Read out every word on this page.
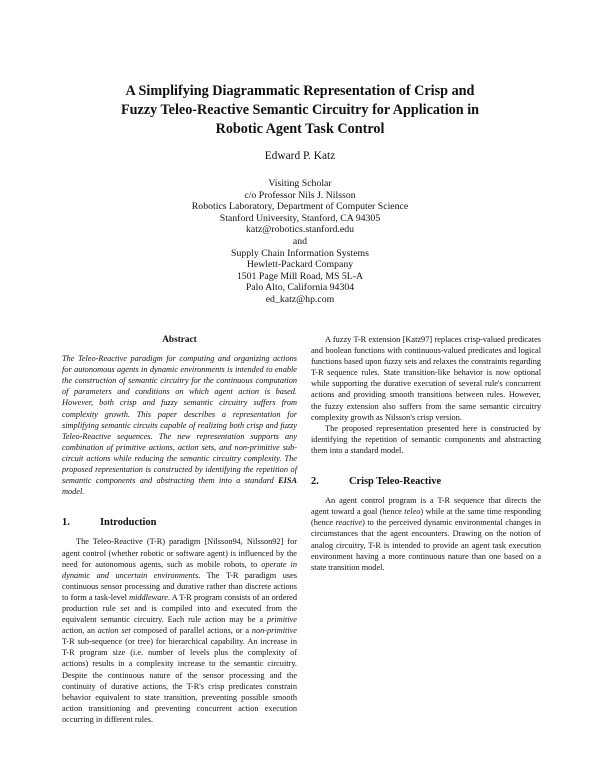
A Simplifying Diagrammatic Representation of Crisp and
Fuzzy Teleo-Reactive Semantic Circuitry for Application in
Robotic Agent Task Control
Edward P. Katz
Visiting Scholar
c/o Professor Nils J. Nilsson
Robotics Laboratory, Department of Computer Science
Stanford University, Stanford, CA 94305
katz@robotics.stanford.edu
and
Supply Chain Information Systems
Hewlett-Packard Company
1501 Page Mill Road, MS 5L-A
Palo Alto, California 94304
ed_katz@hp.com
Abstract

The Teleo-Reactive paradigm for computing and organizing actions for autonomous agents in dynamic environments is intended to enable the construction of semantic circuitry for the continuous computation of parameters and conditions on which agent action is based. However, both crisp and fuzzy semantic circuitry suffers from complexity growth. This paper describes a representation for simplifying semantic circuits capable of realizing both crisp and fuzzy Teleo-Reactive sequences. The new representation supports any combination of primitive actions, action sets, and non-primitive sub-circuit actions while reducing the semantic circuitry complexity. The proposed representation is constructed by identifying the repetition of semantic components and abstracting them into a standard EISA model.

1.	Introduction

The Teleo-Reactive (T-R) paradigm [Nilsson94, Nilsson92] for agent control (whether robotic or software agent) is influenced by the need for autonomous agents, such as mobile robots, to operate in dynamic and uncertain environments. The T-R paradigm uses continuous sensor processing and durative rather than discrete actions to form a task-level middleware. A T-R program consists of an ordered production rule set and is compiled into and executed from the equivalent semantic circuitry. Each rule action may be a primitive action, an action set composed of parallel actions, or a non-primitive T-R sub-sequence (or tree) for hierarchical capability. An increase in T-R program size (i.e. number of levels plus the complexity of actions) results in a complexity increase to the semantic circuitry. Despite the continuous nature of the sensor processing and the continuity of durative actions, the T-R's crisp predicates constrain behavior equivalent to state transition, preventing possible smooth action transitioning and preventing concurrent action execution occurring in different rules.

A fuzzy T-R extension [Katz97] replaces crisp-valued predicates and boolean functions with continuous-valued predicates and logical functions based upon fuzzy sets and relaxes the constraints regarding T-R sequence rules. State transition-like behavior is now optional while supporting the durative execution of several rule's concurrent actions and providing smooth transitions between rules. However, the fuzzy extension also suffers from the same semantic circuitry complexity growth as Nilsson's crisp version.

The proposed representation presented here is constructed by identifying the repetition of semantic components and abstracting them into a standard model.

2.	Crisp Teleo-Reactive

An agent control program is a T-R sequence that directs the agent toward a goal (hence teleo) while at the same time responding (hence reactive) to the perceived dynamic environmental changes in circumstances that the agent encounters. Drawing on the notion of analog circuitry, T-R is intended to provide an agent task execution environment having a more continuous nature than one based on a state transition model.
